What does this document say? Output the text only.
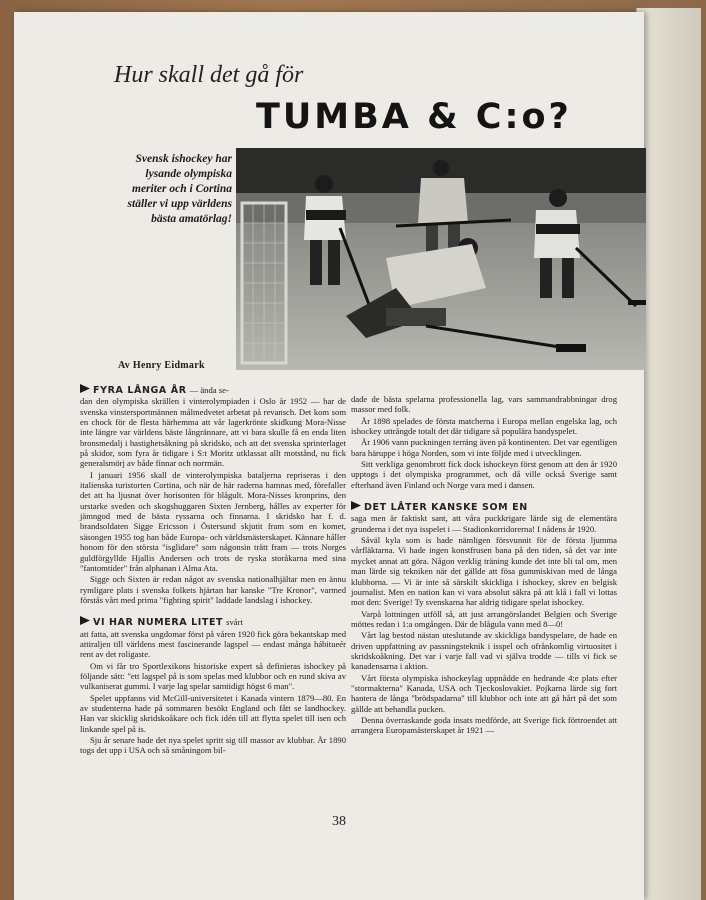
Hur skall det gå för
TUMBA & C:o?
Svensk ishockey har lysande olympiska meriter och i Cortina ställer vi upp världens bästa amatörlag!
Av Henry Eidmark
FYRA LÅNGA ÅR — ända se-

dan den olympiska skrällen i vinterolympiaden i Oslo år 1952 — har de svenska vinstersportmännen målmedvetet arbetat på revansch. Det kom som en chock för de flesta härhemma att vår lagerkrönte skidkung Mora-Nisse inte längre var världens bäste långrännare, att vi bara skulle få en enda liten bronsmedalj i hastighetsåkning på skridsko, och att det svenska sprinterlaget på skidor, som fyra år tidigare i S:t Moritz utklassat allt motstånd, nu fick generalsmörj av både finnar och norrmän.

I januari 1956 skall de vinterolympiska bataljerna repriseras i den italienska turistorten Cortina, och när de här raderna hamnas med, förefaller det att ha ljusnat över horisonten för blågult. Mora-Nisses kronprins, den urstarke sveden och skogshuggaren Sixten Jernberg, hålles av experter för jämngod med de bästa ryssarna och finnarna. I skridsko har f. d. brandsoldaten Sigge Ericsson i Östersund skjutit fram som en komet, säsongen 1955 tog han både Europa- och världsmästerskapet. Kännare håller honom för den största "isglidare" som någonsin trätt fram — trots Norges guldförgyllde Hjallis Andersen och trots de ryska storåkarna med sina "fantomtider" från alphanan i Alma Ata.

Sigge och Sixten är redan något av svenska nationalhjältar men en ännu rymligare plats i svenska folkets hjärtan har kanske "Tre Kronor", varmed förstås vårt med prima "fighting spirit" laddade landslag i ishockey.

VI HAR NUMERA LITET svårt

att fatta, att svenska ungdomar först på våren 1920 fick göra bekantskap med attiraljen till världens mest fascinerande lagspel — endast många hábitueér rent av det roligaste.

Om vi får tro Sportlexikons historiske expert så definieras ishockey på följande sätt: "ett lagspel på is som spelas med klubbor och en rund skiva av vulkaniserat gummi. I varje lag spelar samtidigt högst 6 man".

Spelet uppfanns vid McGill-universitetet i Kanada vintern 1879—80. En av studenterna hade på sommaren besökt England och fått se landhockey. Han var skicklig skridskoåkare och fick idén till att flytta spelet till isen och linkande spel på is.

Sju år senare hade det nya spelet spritt sig till massor av klubbar. År 1890 togs det upp i USA och så småningom bil-

dade de bästa spelarna professionella lag, vars sammandrabbningar drog massor med folk.

År 1898 spelades de första matcherna i Europa mellan engelska lag, och ishockey uttrångde totalt det där tidigare så populära bandyspelet.

År 1906 vann puckningen terräng även på kontinenten. Det var egentligen bara häruppe i höga Norden, som vi inte följde med i utvecklingen.

Sitt verkliga genombrott fick dock ishockeyn först genom att den år 1920 upptogs i det olympiska programmet, och då ville också Sverige samt efterhand även Finland och Norge vara med i dansen.

DET LÅTER KANSKE SOM EN

saga men är faktiskt sant, att våra puckkrigare lärde sig de elementära grunderna i det nya isspelet i — Stadionkorridorerna! I nådens år 1920.

Såväl kyla som is hade nämligen försvunnit för de första ljumma vårfläktarna. Vi hade ingen konstfrusen bana på den tiden, så det var inte mycket annat att göra. Någon verklig träning kunde det inte bli tal om, men man lärde sig tekniken när det gällde att fösa gummiskivan med de långa klubborna. — Vi är inte så särskilt skickliga i ishockey, skrev en belgisk journalist. Men en nation kan vi vara absolut säkra på att klå i fall vi lottas mot den: Sverige! Ty svenskarna har aldrig tidigare spelat ishockey.

Varpå lottningen utföll så, att just arrangörslandet Belgien och Sverige möttes redan i 1:a omgången. Där de blågula vann med 8—0!

Vårt lag bestod nästan uteslutande av skickliga bandyspelare, de hade en driven uppfattning av passningsteknik i isspel och ofrånkomlig virtuositet i skridskoåkning. Det var i varje fall vad vi själva trodde — tills vi fick se kanadensarna i aktion.

Vårt första olympiska ishockeylag uppnådde en hedrande 4:e plats efter "stormakterna" Kanada, USA och Tjeckoslovakiet. Pojkarna lärde sig fort hantera de långa "brödspadarna" till klubbor och inte att gå hårt på det som gällde att behandla pucken.

Denna överraskande goda insats medförde, att Sverige fick förtroendet att arrangera Europamästerskapet år 1921 —

38
